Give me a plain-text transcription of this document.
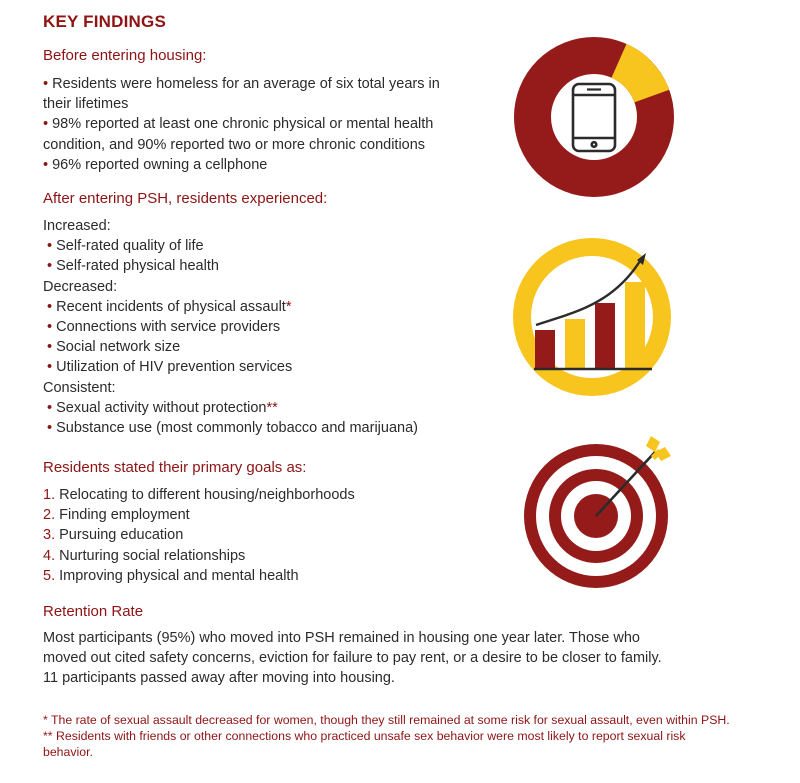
KEY FINDINGS
Before entering housing:
• Residents were homeless for an average of six total years in
their lifetimes
• 98% reported at least one chronic physical or mental health
condition, and 90% reported two or more chronic conditions
• 96% reported owning a cellphone
After entering PSH, residents experienced:
Increased:
• Self-rated quality of life
• Self-rated physical health
Decreased:
• Recent incidents of physical assault*
• Connections with service providers
• Social network size
• Utilization of HIV prevention services
Consistent:
• Sexual activity without protection**
• Substance use (most commonly tobacco and marijuana)
Residents stated their primary goals as:
1. Relocating to different housing/neighborhoods
2. Finding employment
3. Pursuing education
4. Nurturing social relationships
5. Improving physical and mental health
Retention Rate
Most participants (95%) who moved into PSH remained in housing one year later. Those who
moved out cited safety concerns, eviction for failure to pay rent, or a desire to be closer to family.
11 participants passed away after moving into housing.
* The rate of sexual assault decreased for women, though they still remained at some risk for sexual assault, even within PSH.
** Residents with friends or other connections who practiced unsafe sex behavior were most likely to report sexual risk
behavior.
